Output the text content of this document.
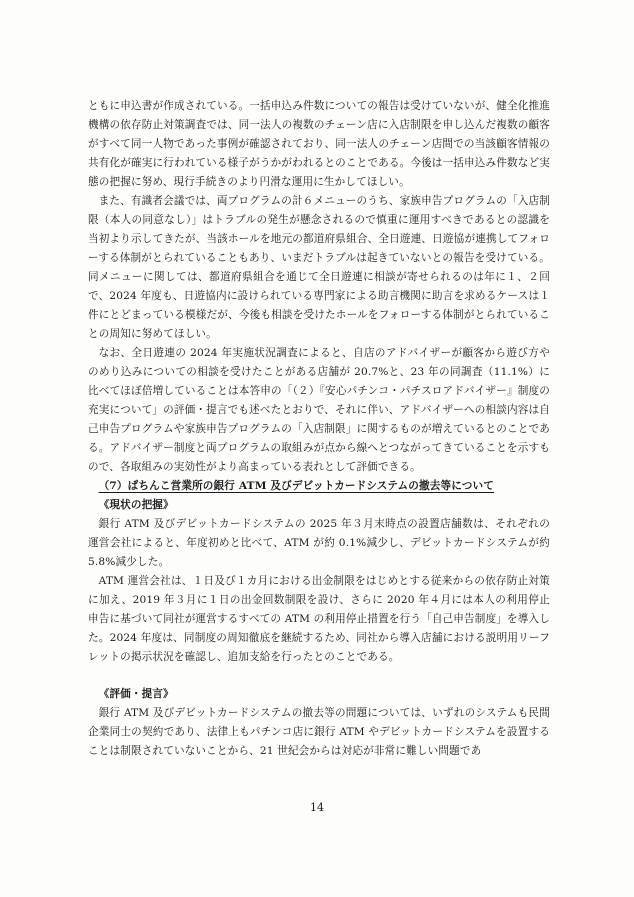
ともに申込書が作成されている。一括申込み件数についての報告は受けていないが、健全化推進機構の依存防止対策調査では、同一法人の複数のチェーン店に入店制限を申し込んだ複数の顧客がすべて同一人物であった事例が確認されており、同一法人のチェーン店間での当該顧客情報の共有化が確実に行われている様子がうかがわれるとのことである。今後は一括申込み件数など実態の把握に努め、現行手続きのより円滑な運用に生かしてほしい。

また、有識者会議では、両プログラムの計６メニューのうち、家族申告プログラムの「入店制限（本人の同意なし）」はトラブルの発生が懸念されるので慎重に運用すべきであるとの認識を当初より示してきたが、当該ホールを地元の都道府県組合、全日遊連、日遊協が連携してフォローする体制がとられていることもあり、いまだトラブルは起きていないとの報告を受けている。同メニューに関しては、都道府県組合を通じて全日遊連に相談が寄せられるのは年に１、２回で、2024 年度も、日遊協内に設けられている専門家による助言機関に助言を求めるケースは１件にとどまっている模様だが、今後も相談を受けたホールをフォローする体制がとられていることの周知に努めてほしい。

なお、全日遊連の 2024 年実施状況調査によると、自店のアドバイザーが顧客から遊び方やのめり込みについての相談を受けたことがある店舗が 20.7%と、23 年の同調査（11.1%）に比べてほぼ倍増していることは本答申の「（２）『安心パチンコ・パチスロアドバイザー』制度の充実について」の評価・提言でも述べたとおりで、それに伴い、アドバイザーへの相談内容は自己申告プログラムや家族申告プログラムの「入店制限」に関するものが増えているとのことである。アドバイザー制度と両プログラムの取組みが点から線へとつながってきていることを示すもので、各取組みの実効性がより高まっている表れとして評価できる。

（7）ぱちんこ営業所の銀行 ATM 及びデビットカードシステムの撤去等について

《現状の把握》

銀行 ATM 及びデビットカードシステムの 2025 年３月末時点の設置店舗数は、それぞれの運営会社によると、年度初めと比べて、ATM が約 0.1%減少し、デビットカードシステムが約 5.8%減少した。

ATM 運営会社は、１日及び１カ月における出金制限をはじめとする従来からの依存防止対策に加え、2019 年３月に１日の出金回数制限を設け、さらに 2020 年４月には本人の利用停止申告に基づいて同社が運営するすべての ATM の利用停止措置を行う「自己申告制度」を導入した。2024 年度は、同制度の周知徹底を継続するため、同社から導入店舗における説明用リーフレットの掲示状況を確認し、追加支給を行ったとのことである。

《評価・提言》

銀行 ATM 及びデビットカードシステムの撤去等の問題については、いずれのシステムも民間企業同士の契約であり、法律上もパチンコ店に銀行 ATM やデビットカードシステムを設置することは制限されていないことから、21 世紀会からは対応が非常に難しい問題であ

14
